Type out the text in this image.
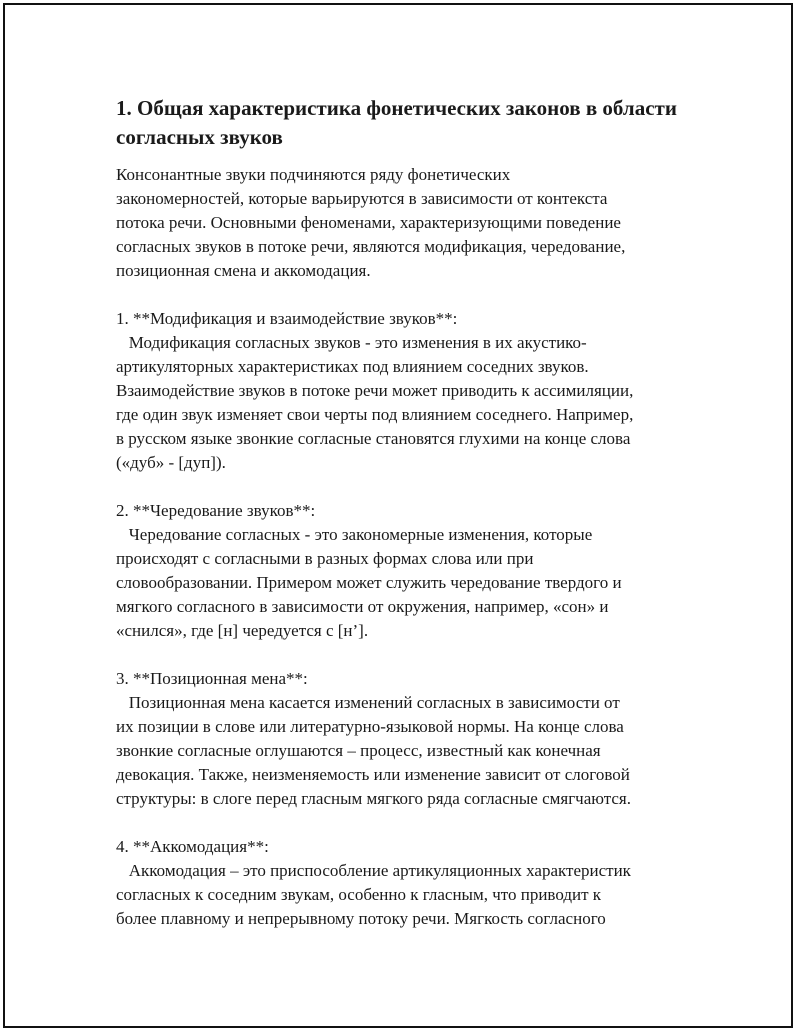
1. Общая характеристика фонетических законов в области
согласных звуков
Консонантные звуки подчиняются ряду фонетических
закономерностей, которые варьируются в зависимости от контекста
потока речи. Основными феноменами, характеризующими поведение
согласных звуков в потоке речи, являются модификация, чередование,
позиционная смена и аккомодация.
1. **Модификация и взаимодействие звуков**:
Модификация согласных звуков - это изменения в их акустико-
артикуляторных характеристиках под влиянием соседних звуков.
Взаимодействие звуков в потоке речи может приводить к ассимиляции,
где один звук изменяет свои черты под влиянием соседнего. Например,
в русском языке звонкие согласные становятся глухими на конце слова
(«дуб» - [дуп]).
2. **Чередование звуков**:
Чередование согласных - это закономерные изменения, которые
происходят с согласными в разных формах слова или при
словообразовании. Примером может служить чередование твердого и
мягкого согласного в зависимости от окружения, например, «сон» и
«снился», где [н] чередуется с [н’].
3. **Позиционная мена**:
Позиционная мена касается изменений согласных в зависимости от
их позиции в слове или литературно-языковой нормы. На конце слова
звонкие согласные оглушаются – процесс, известный как конечная
девокация. Также, неизменяемость или изменение зависит от слоговой
структуры: в слоге перед гласным мягкого ряда согласные смягчаются.
4. **Аккомодация**:
Аккомодация – это приспособление артикуляционных характеристик
согласных к соседним звукам, особенно к гласным, что приводит к
более плавному и непрерывному потоку речи. Мягкость согласного
